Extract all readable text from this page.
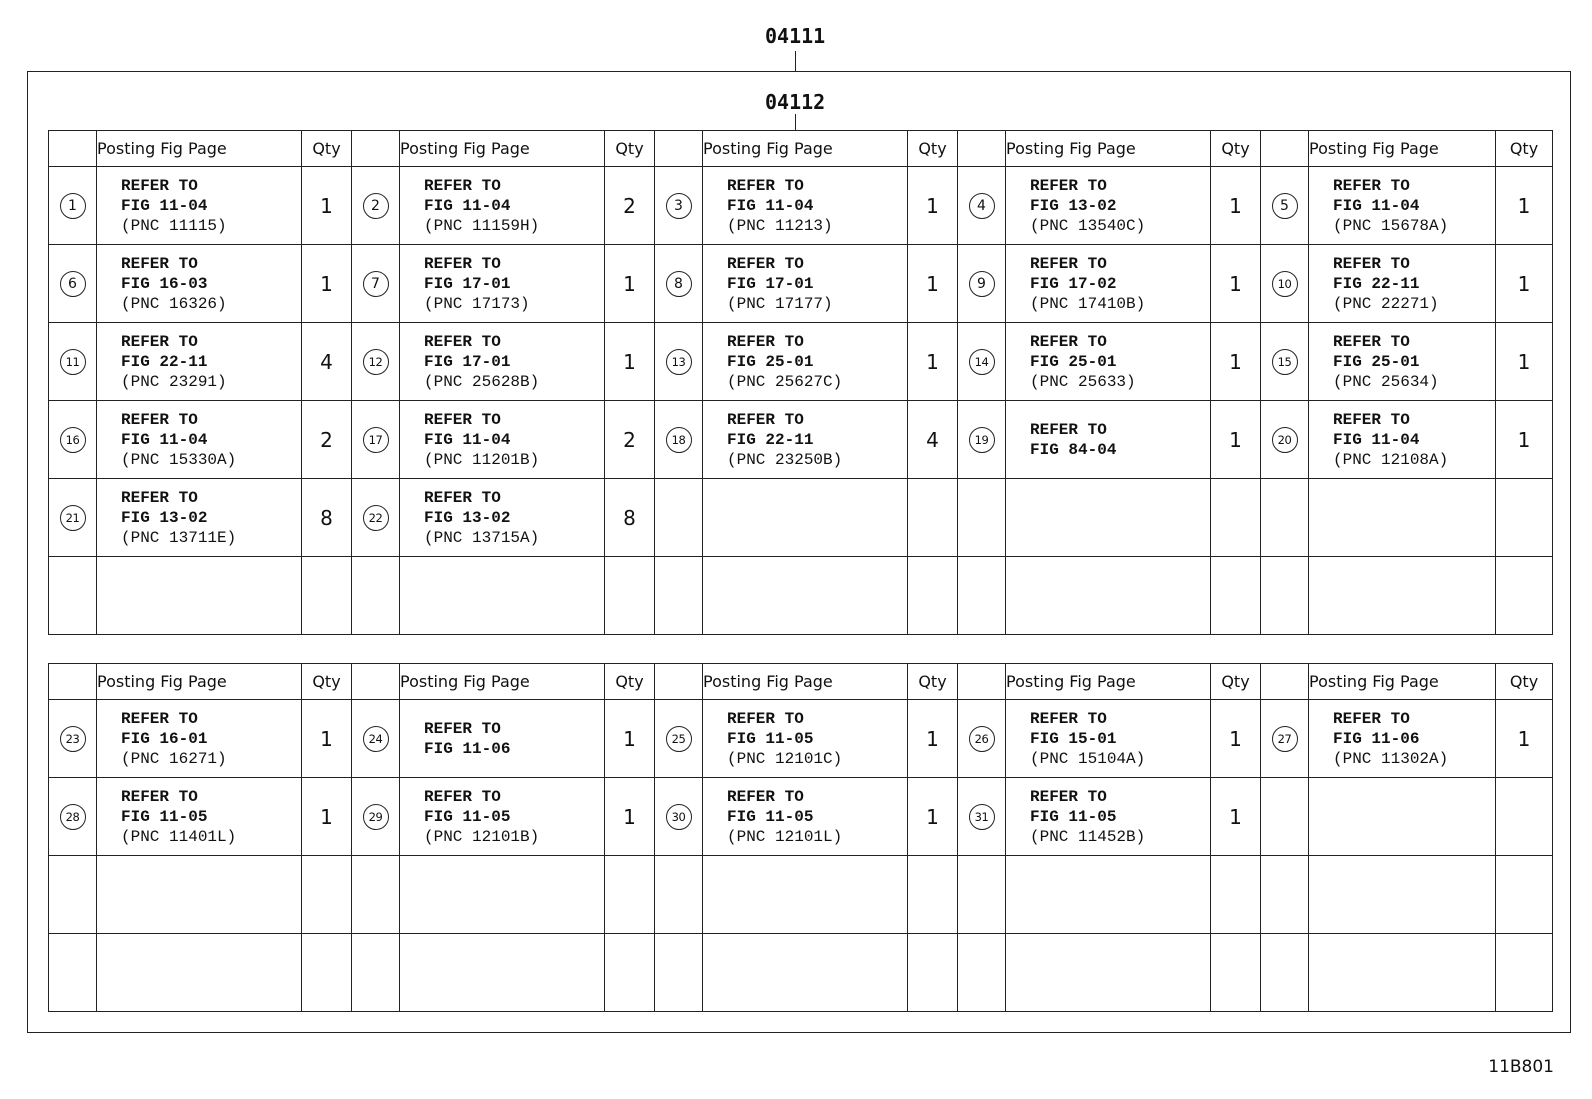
04111
04112
	Posting Fig Page	Qty		Posting Fig Page	Qty		Posting Fig Page	Qty		Posting Fig Page	Qty		Posting Fig Page	Qty
1	REFER TO
FIG 11-04
(PNC 11115)	1	2	REFER TO
FIG 11-04
(PNC 11159H)	2	3	REFER TO
FIG 11-04
(PNC 11213)	1	4	REFER TO
FIG 13-02
(PNC 13540C)	1	5	REFER TO
FIG 11-04
(PNC 15678A)	1
6	REFER TO
FIG 16-03
(PNC 16326)	1	7	REFER TO
FIG 17-01
(PNC 17173)	1	8	REFER TO
FIG 17-01
(PNC 17177)	1	9	REFER TO
FIG 17-02
(PNC 17410B)	1	10	REFER TO
FIG 22-11
(PNC 22271)	1
11	REFER TO
FIG 22-11
(PNC 23291)	4	12	REFER TO
FIG 17-01
(PNC 25628B)	1	13	REFER TO
FIG 25-01
(PNC 25627C)	1	14	REFER TO
FIG 25-01
(PNC 25633)	1	15	REFER TO
FIG 25-01
(PNC 25634)	1
16	REFER TO
FIG 11-04
(PNC 15330A)	2	17	REFER TO
FIG 11-04
(PNC 11201B)	2	18	REFER TO
FIG 22-11
(PNC 23250B)	4	19	REFER TO
FIG 84-04	1	20	REFER TO
FIG 11-04
(PNC 12108A)	1
21	REFER TO
FIG 13-02
(PNC 13711E)	8	22	REFER TO
FIG 13-02
(PNC 13715A)	8									

	Posting Fig Page	Qty		Posting Fig Page	Qty		Posting Fig Page	Qty		Posting Fig Page	Qty		Posting Fig Page	Qty
23	REFER TO
FIG 16-01
(PNC 16271)	1	24	REFER TO
FIG 11-06	1	25	REFER TO
FIG 11-05
(PNC 12101C)	1	26	REFER TO
FIG 15-01
(PNC 15104A)	1	27	REFER TO
FIG 11-06
(PNC 11302A)	1
28	REFER TO
FIG 11-05
(PNC 11401L)	1	29	REFER TO
FIG 11-05
(PNC 12101B)	1	30	REFER TO
FIG 11-05
(PNC 12101L)	1	31	REFER TO
FIG 11-05
(PNC 11452B)	1			

11B801
